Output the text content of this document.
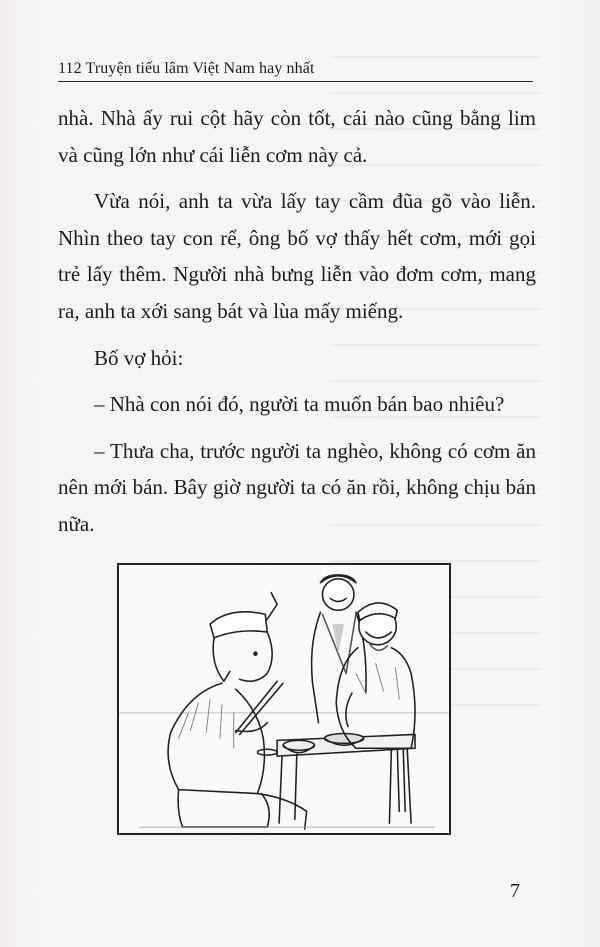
112 Truyện tiếu lâm Việt Nam hay nhất

nhà. Nhà ấy rui cột hãy còn tốt, cái nào cũng bằng lim và cũng lớn như cái liễn cơm này cả.

Vừa nói, anh ta vừa lấy tay cầm đũa gõ vào liễn. Nhìn theo tay con rể, ông bố vợ thấy hết cơm, mới gọi trẻ lấy thêm. Người nhà bưng liễn vào đơm cơm, mang ra, anh ta xới sang bát và lùa mấy miếng.

Bố vợ hỏi:

– Nhà con nói đó, người ta muốn bán bao nhiêu?

– Thưa cha, trước người ta nghèo, không có cơm ăn nên mới bán. Bây giờ người ta có ăn rồi, không chịu bán nữa.

7
